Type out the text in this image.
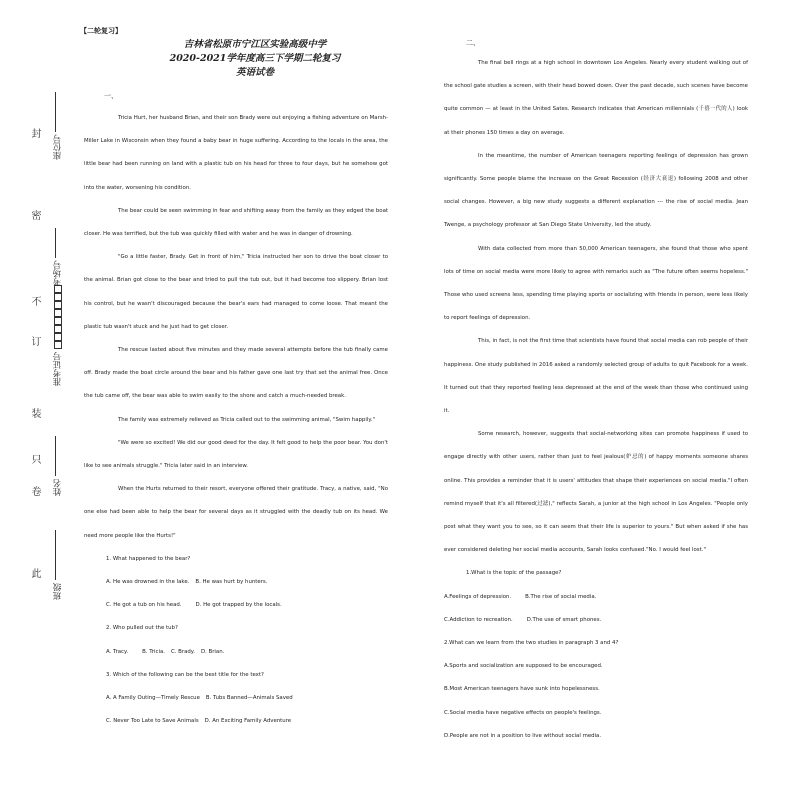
封
密
不
订
装
只
卷
此
座位号
考场号
准考证号
姓名
班级
【二轮复习】
吉林省松原市宁江区实验高级中学
2020-2021学年度高三下学期二轮复习
英语试卷
一、

Tricia Hurt, her husband Brian, and their son Brady were out enjoying a fishing adventure on Marsh-Miller Lake in Wisconsin when they found a baby bear in huge suffering. According to the locals in the area, the little bear had been running on land with a plastic tub on his head for three to four days, but he somehow got into the water, worsening his condition.

The bear could be seen swimming in fear and shifting away from the family as they edged the boat closer. He was terrified, but the tub was quickly filled with water and he was in danger of drowning.

"Go a little faster, Brady. Get in front of him," Tricia instructed her son to drive the boat closer to the animal. Brian got close to the bear and tried to pull the tub out, but it had become too slippery. Brian lost his control, but he wasn't discouraged because the bear's ears had managed to come loose. That meant the plastic tub wasn't stuck and he just had to get closer.

The rescue lasted about five minutes and they made several attempts before the tub finally came off. Brady made the boat circle around the bear and his father gave one last try that set the animal free. Once the tub came off, the bear was able to swim easily to the shore and catch a much-needed break.

The family was extremely relieved as Tricia called out to the swimming animal, "Swim happily."

"We were so excited! We did our good deed for the day. It felt good to help the poor bear. You don't like to see animals struggle." Tricia later said in an interview.

When the Hurts returned to their resort, everyone offered their gratitude. Tracy, a native, said, "No one else had been able to help the bear for several days as it struggled with the deadly tub on its head. We need more people like the Hurts!"

1. What happened to the bear?

A. He was drowned in the lake. B. He was hurt by hunters.

C. He got a tub on his head.	D. He got trapped by the locals.

2. Who pulled out the tub?

A. Tracy.	B. Tricia. C. Brady. D. Brian.

3. Which of the following can be the best title for the text?

A. A Family Outing—Timely Rescue B. Tubs Banned—Animals Saved

C. Never Too Late to Save Animals D. An Exciting Family Adventure

二、

The final bell rings at a high school in downtown Los Angeles. Nearly every student walking out of the school gate studies a screen, with their head bowed down. Over the past decade, such scenes have become quite common — at least in the United Sates. Research indicates that American millennials (千禧一代的人) look at their phones 150 times a day on average.

In the meantime, the number of American teenagers reporting feelings of depression has grown significantly. Some people blame the increase on the Great Recession (经济大衰退) following 2008 and other social changes. However, a big new study suggests a different explanation --- the rise of social media. Jean Twenge, a psychology professor at San Diego State University, led the study.

With data collected from more than 50,000 American teenagers, she found that those who spent lots of time on social media were more likely to agree with remarks such as "The future often seems hopeless." Those who used screens less, spending time playing sports or socializing with friends in person, were less likely to report feelings of depression.

This, in fact, is not the first time that scientists have found that social media can rob people of their happiness. One study published in 2016 asked a randomly selected group of adults to quit Facebook for a week. It turned out that they reported feeling less depressed at the end of the week than those who continued using it.

Some research, however, suggests that social-networking sites can promote happiness if used to engage directly with other users, rather than just to feel jealous(妒忌的) of happy moments someone shares online. This provides a reminder that it is users' attitudes that shape their experiences on social media."I often remind myself that it's all filtered(过滤)," reflects Sarah, a junior at the high school in Los Angeles. "People only post what they want you to see, so it can seem that their life is superior to yours." But when asked if she has ever considered deleting her social media accounts, Sarah looks confused."No. I would feel lost."

1.What is the topic of the passage?

A.Feelings of depression.	B.The rise of social media.

C.Addiction to recreation.	D.The use of smart phones.

2.What can we learn from the two studies in paragraph 3 and 4?

A.Sports and socialization are supposed to be encouraged.

B.Most American teenagers have sunk into hopelessness.

C.Social media have negative effects on people's feelings.

D.People are not in a position to live without social media.
